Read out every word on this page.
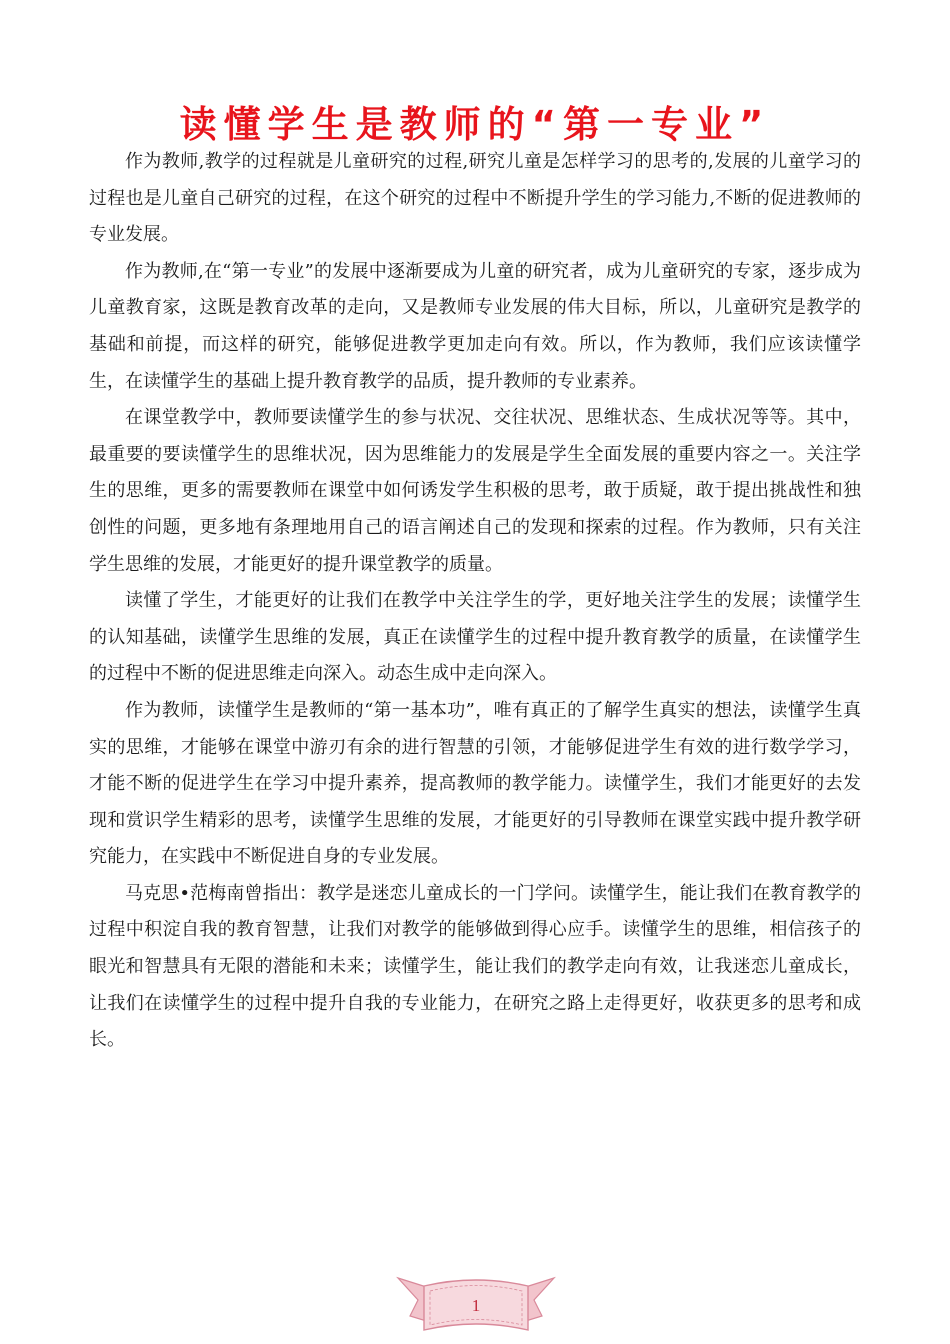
读懂学生是教师的“第一专业”

作为教师,教学的过程就是儿童研究的过程,研究儿童是怎样学习的思考的,发展的儿童学习的过程也是儿童自己研究的过程，在这个研究的过程中不断提升学生的学习能力,不断的促进教师的专业发展。

作为教师,在“第一专业”的发展中逐渐要成为儿童的研究者，成为儿童研究的专家，逐步成为儿童教育家，这既是教育改革的走向，又是教师专业发展的伟大目标，所以，儿童研究是教学的基础和前提，而这样的研究，能够促进教学更加走向有效。所以，作为教师，我们应该读懂学生，在读懂学生的基础上提升教育教学的品质，提升教师的专业素养。

在课堂教学中，教师要读懂学生的参与状况、交往状况、思维状态、生成状况等等。其中，最重要的要读懂学生的思维状况，因为思维能力的发展是学生全面发展的重要内容之一。关注学生的思维，更多的需要教师在课堂中如何诱发学生积极的思考，敢于质疑，敢于提出挑战性和独创性的问题，更多地有条理地用自己的语言阐述自己的发现和探索的过程。作为教师，只有关注学生思维的发展，才能更好的提升课堂教学的质量。

读懂了学生，才能更好的让我们在教学中关注学生的学，更好地关注学生的发展；读懂学生的认知基础，读懂学生思维的发展，真正在读懂学生的过程中提升教育教学的质量，在读懂学生的过程中不断的促进思维走向深入。动态生成中走向深入。

作为教师，读懂学生是教师的“第一基本功”，唯有真正的了解学生真实的想法，读懂学生真实的思维，才能够在课堂中游刃有余的进行智慧的引领，才能够促进学生有效的进行数学学习，才能不断的促进学生在学习中提升素养，提高教师的教学能力。读懂学生，我们才能更好的去发现和赏识学生精彩的思考，读懂学生思维的发展，才能更好的引导教师在课堂实践中提升教学研究能力，在实践中不断促进自身的专业发展。

马克思•范梅南曾指出：教学是迷恋儿童成长的一门学问。读懂学生，能让我们在教育教学的过程中积淀自我的教育智慧，让我们对教学的能够做到得心应手。读懂学生的思维，相信孩子的眼光和智慧具有无限的潜能和未来；读懂学生，能让我们的教学走向有效，让我迷恋儿童成长，让我们在读懂学生的过程中提升自我的专业能力，在研究之路上走得更好，收获更多的思考和成长。

1
